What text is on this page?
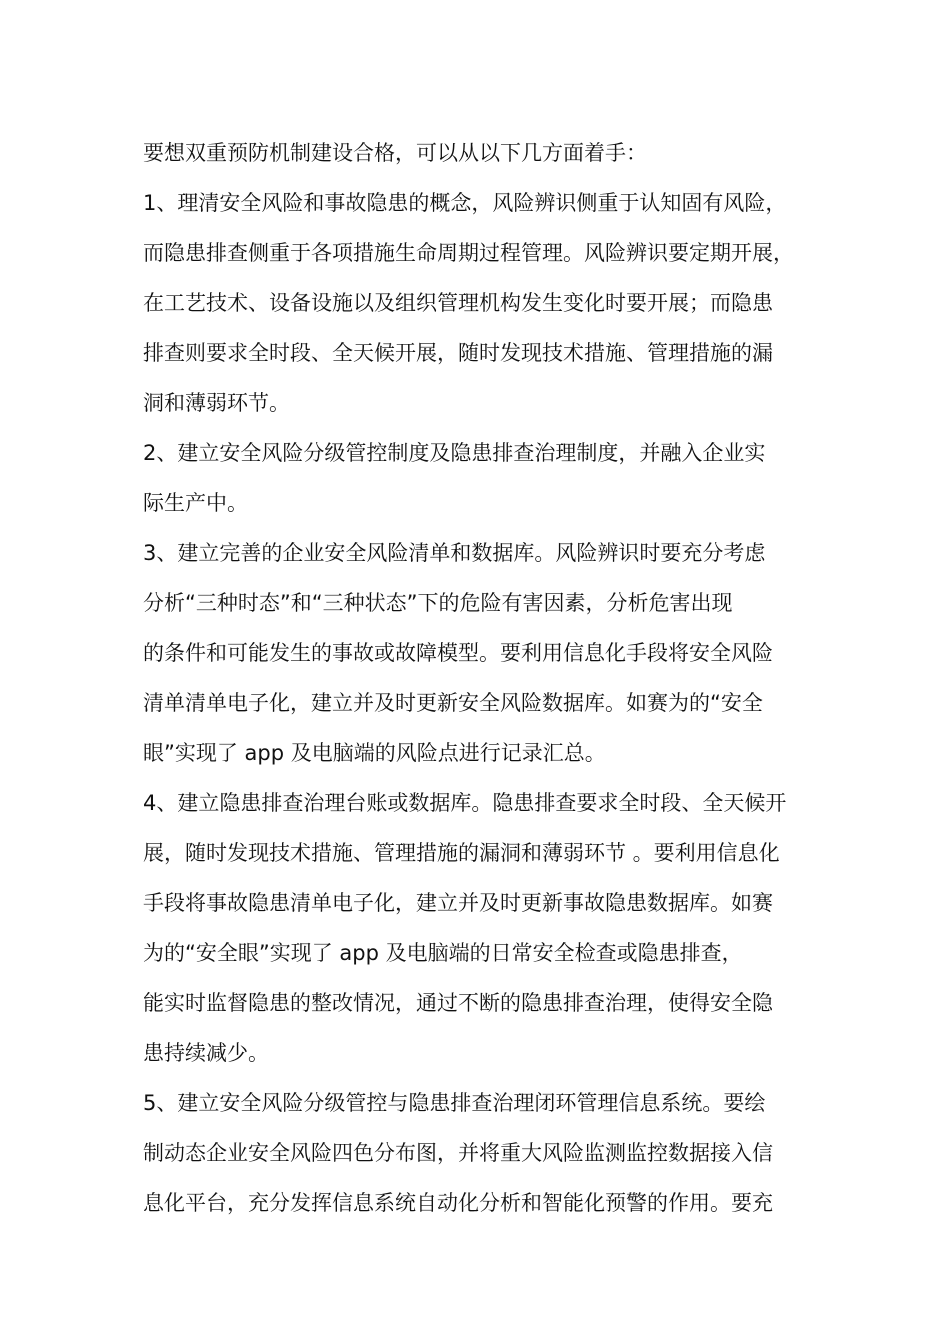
要想双重预防机制建设合格，可以从以下几方面着手：
1、理清安全风险和事故隐患的概念，风险辨识侧重于认知固有风险，
而隐患排查侧重于各项措施生命周期过程管理。风险辨识要定期开展，
在工艺技术、设备设施以及组织管理机构发生变化时要开展；而隐患
排查则要求全时段、全天候开展，随时发现技术措施、管理措施的漏
洞和薄弱环节。
2、建立安全风险分级管控制度及隐患排查治理制度，并融入企业实
际生产中。
3、建立完善的企业安全风险清单和数据库。风险辨识时要充分考虑
分析“三种时态”和“三种状态”下的危险有害因素，分析危害出现
的条件和可能发生的事故或故障模型。要利用信息化手段将安全风险
清单清单电子化，建立并及时更新安全风险数据库。如赛为的“安全
眼”实现了 app 及电脑端的风险点进行记录汇总。
4、建立隐患排查治理台账或数据库。隐患排查要求全时段、全天候开
展，随时发现技术措施、管理措施的漏洞和薄弱环节 。要利用信息化
手段将事故隐患清单电子化，建立并及时更新事故隐患数据库。如赛
为的“安全眼”实现了 app 及电脑端的日常安全检查或隐患排查，
能实时监督隐患的整改情况，通过不断的隐患排查治理，使得安全隐
患持续减少。
5、建立安全风险分级管控与隐患排查治理闭环管理信息系统。要绘
制动态企业安全风险四色分布图，并将重大风险监测监控数据接入信
息化平台，充分发挥信息系统自动化分析和智能化预警的作用。要充
